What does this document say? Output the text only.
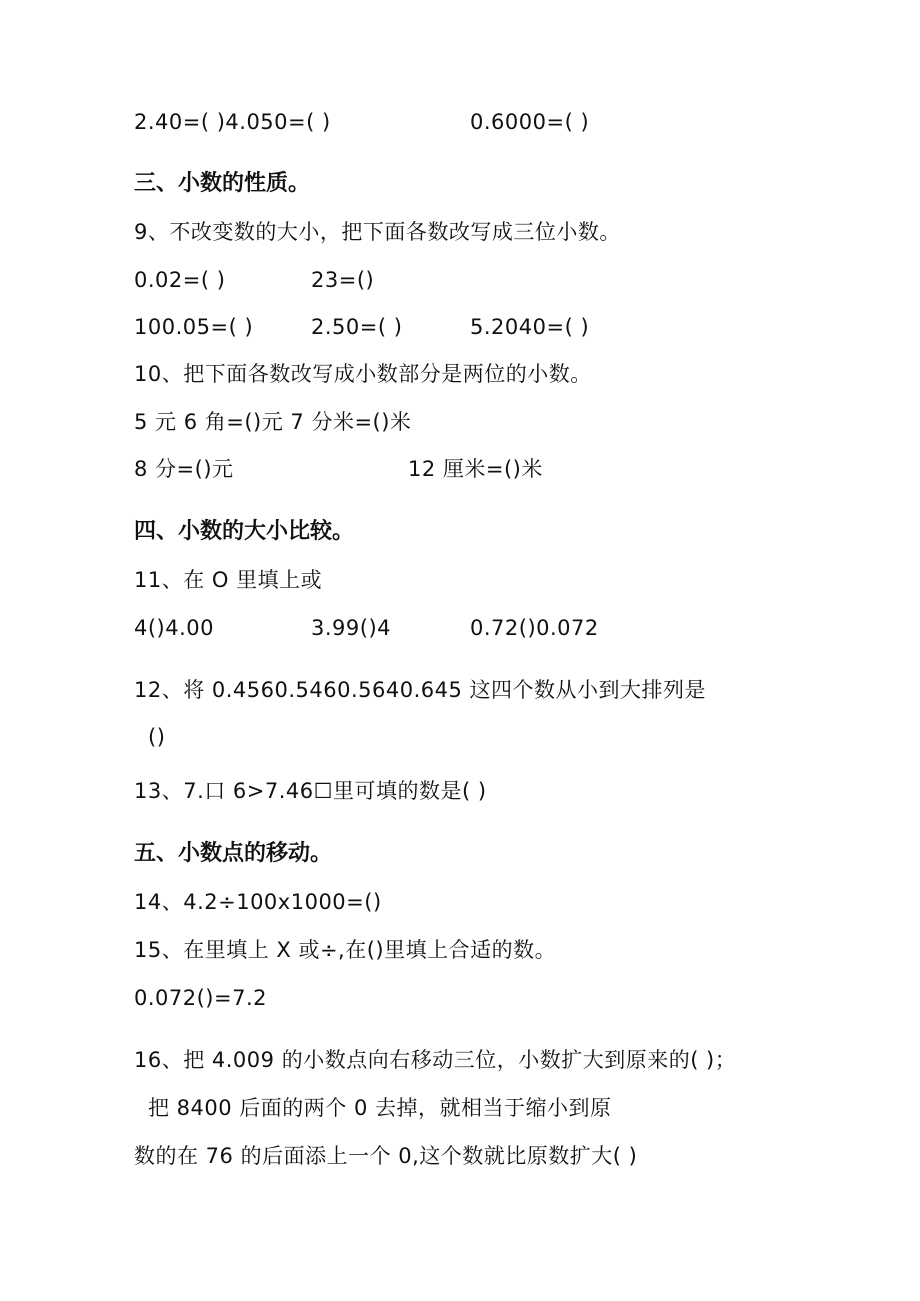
2.40=( )4.050=( )	0.6000=( )
三、小数的性质。
9、不改变数的大小，把下面各数改写成三位小数。
0.02=( )	23=()
100.05=( )	2.50=( )	5.2040=( )
10、把下面各数改写成小数部分是两位的小数。
5 元 6 角=()元 7 分米=()米
8 分=()元	12 厘米=()米
四、小数的大小比较。
11、在 O 里填上或
4()4.00	3.99()4	0.72()0.072
12、将 0.4560.5460.5640.645 这四个数从小到大排列是
()
13、7.口 6>7.46☐里可填的数是( )
五、小数点的移动。
14、4.2÷100x1000=()
15、在里填上 X 或÷,在()里填上合适的数。
0.072()=7.2
16、把 4.009 的小数点向右移动三位，小数扩大到原来的( )；
把 8400 后面的两个 0 去掉，就相当于缩小到原
数的在 76 的后面添上一个 0,这个数就比原数扩大( )
